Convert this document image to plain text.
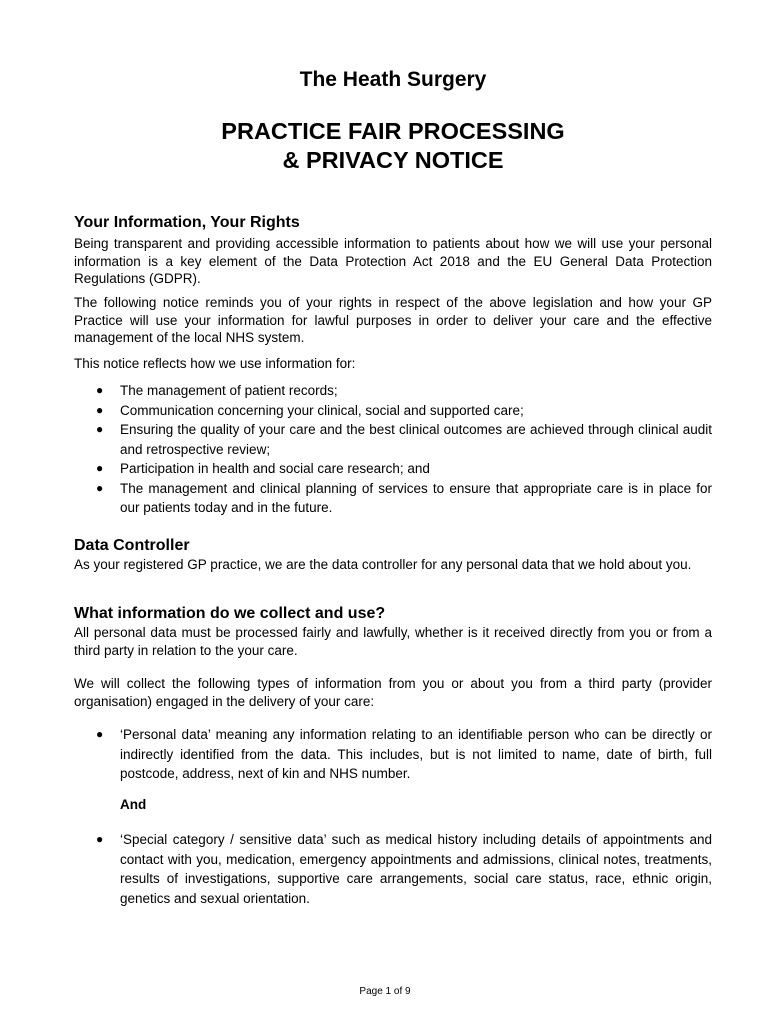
The Heath Surgery
PRACTICE FAIR PROCESSING
& PRIVACY NOTICE
Your Information, Your Rights

Being transparent and providing accessible information to patients about how we will use your personal information is a key element of the Data Protection Act 2018 and the EU General Data Protection Regulations (GDPR).

The following notice reminds you of your rights in respect of the above legislation and how your GP Practice will use your information for lawful purposes in order to deliver your care and the effective management of the local NHS system.

This notice reflects how we use information for:

● The management of patient records;
● Communication concerning your clinical, social and supported care;
● Ensuring the quality of your care and the best clinical outcomes are achieved through clinical audit and retrospective review;
● Participation in health and social care research; and
● The management and clinical planning of services to ensure that appropriate care is in place for our patients today and in the future.
Data Controller

As your registered GP practice, we are the data controller for any personal data that we hold about you.

What information do we collect and use?

All personal data must be processed fairly and lawfully, whether is it received directly from you or from a third party in relation to the your care.

We will collect the following types of information from you or about you from a third party (provider organisation) engaged in the delivery of your care:

● ‘Personal data’ meaning any information relating to an identifiable person who can be directly or indirectly identified from the data. This includes, but is not limited to name, date of birth, full postcode, address, next of kin and NHS number.
And
● ‘Special category / sensitive data’ such as medical history including details of appointments and contact with you, medication, emergency appointments and admissions, clinical notes, treatments, results of investigations, supportive care arrangements, social care status, race, ethnic origin, genetics and sexual orientation.
Page 1 of 9
